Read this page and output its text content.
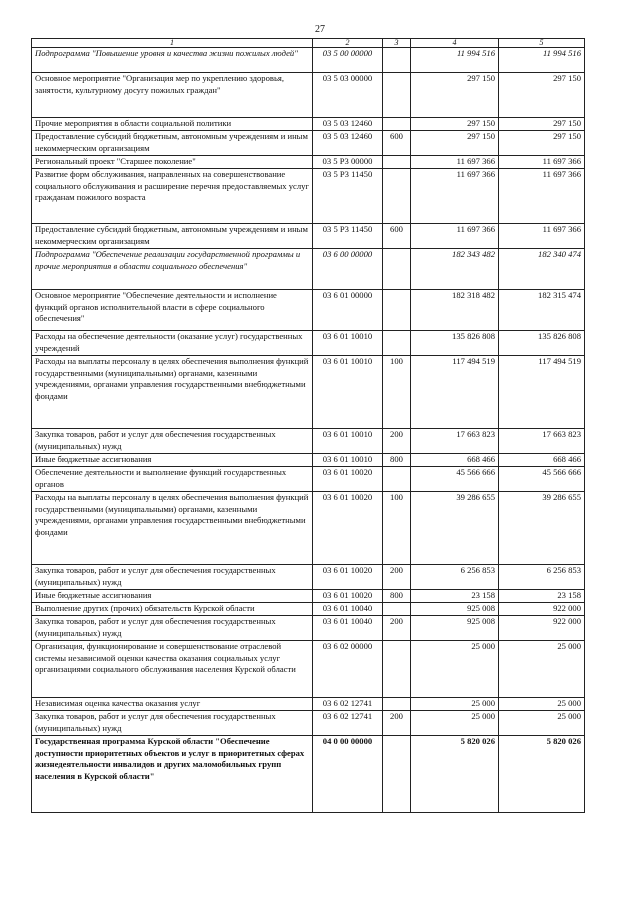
27
1	2	3	4	5
Подпрограмма "Повышение уровня и качества жизни пожилых людей"	03 5 00 00000		11 994 516	11 994 516
Основное мероприятие "Организация мер по укреплению здоровья, занятости, культурному досугу пожилых граждан"	03 5 03 00000		297 150	297 150
Прочие мероприятия в области социальной политики	03 5 03 12460		297 150	297 150
Предоставление субсидий бюджетным, автономным учреждениям и иным некоммерческим организациям	03 5 03 12460	600	297 150	297 150
Региональный проект "Старшее поколение"	03 5 Р3 00000		11 697 366	11 697 366
Развитие форм обслуживания, направленных на совершенствование социального обслуживания и расширение перечня предоставляемых услуг гражданам пожилого возраста	03 5 Р3 11450		11 697 366	11 697 366
Предоставление субсидий бюджетным, автономным учреждениям и иным некоммерческим организациям	03 5 Р3 11450	600	11 697 366	11 697 366
Подпрограмма "Обеспечение реализации государственной программы и прочие мероприятия в области социального обеспечения"	03 6 00 00000		182 343 482	182 340 474
Основное мероприятие "Обеспечение деятельности и исполнение функций органов исполнительной власти в сфере социального обеспечения"	03 6 01 00000		182 318 482	182 315 474
Расходы на обеспечение деятельности (оказание услуг) государственных учреждений	03 6 01 10010		135 826 808	135 826 808
Расходы на выплаты персоналу в целях обеспечения выполнения функций государственными (муниципальными) органами, казенными учреждениями, органами управления государственными внебюджетными фондами	03 6 01 10010	100	117 494 519	117 494 519
Закупка товаров, работ и услуг для обеспечения государственных (муниципальных) нужд	03 6 01 10010	200	17 663 823	17 663 823
Иные бюджетные ассигнования	03 6 01 10010	800	668 466	668 466
Обеспечение деятельности и выполнение функций государственных органов	03 6 01 10020		45 566 666	45 566 666
Расходы на выплаты персоналу в целях обеспечения выполнения функций государственными (муниципальными) органами, казенными учреждениями, органами управления государственными внебюджетными фондами	03 6 01 10020	100	39 286 655	39 286 655
Закупка товаров, работ и услуг для обеспечения государственных (муниципальных) нужд	03 6 01 10020	200	6 256 853	6 256 853
Иные бюджетные ассигнования	03 6 01 10020	800	23 158	23 158
Выполнение других (прочих) обязательств Курской области	03 6 01 10040		925 008	922 000
Закупка товаров, работ и услуг для обеспечения государственных (муниципальных) нужд	03 6 01 10040	200	925 008	922 000
Организация, функционирование и совершенствование отраслевой системы независимой оценки качества оказания социальных услуг организациями социального обслуживания населения Курской области	03 6 02 00000		25 000	25 000
Независимая оценка качества оказания услуг	03 6 02 12741		25 000	25 000
Закупка товаров, работ и услуг для обеспечения государственных (муниципальных) нужд	03 6 02 12741	200	25 000	25 000
Государственная программа Курской области "Обеспечение доступности приоритетных объектов и услуг в приоритетных сферах жизнедеятельности инвалидов и других маломобильных групп населения в Курской области"	04 0 00 00000		5 820 026	5 820 026
